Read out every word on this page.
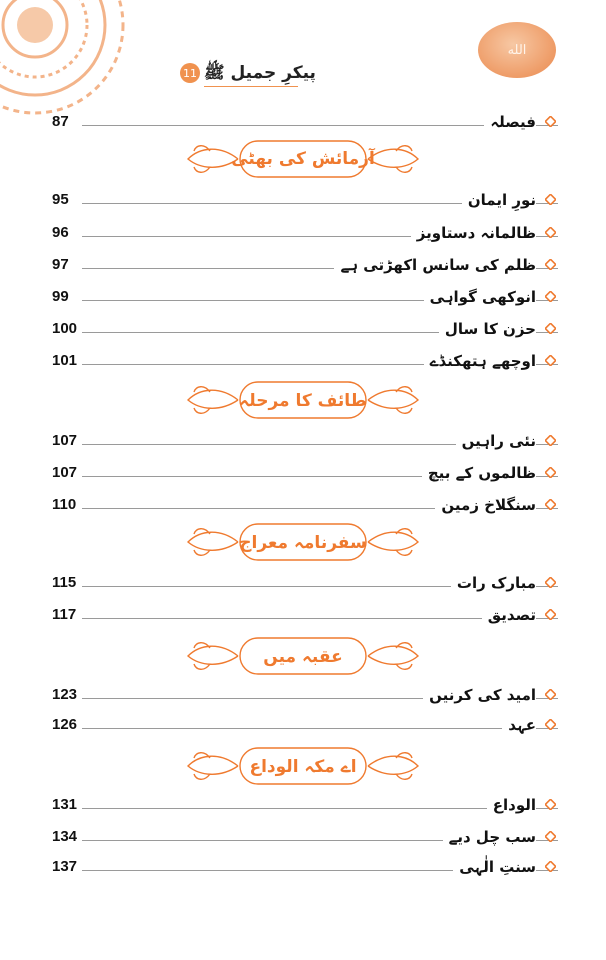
الله
11 پیکرِ جمیل ﷺ
87	فیصلہ
آزمائش کی بھٹی
95	نورِ ایمان
96	ظالمانہ دستاویز
97	ظلم کی سانس اکھڑتی ہے
99	انوکھی گواہی
100	حزن کا سال
101	اوچھے ہتھکنڈے
طائف کا مرحلہ
107	نئی راہیں
107	ظالموں کے بیچ
110	سنگلاخ زمین
سفرنامہ معراج
115	مبارک رات
117	تصدیق
عقبہ میں
123	امید کی کرنیں
126	عہد
اے مکہ الوداع
131	الوداع
134	سب چل دیے
137	سنتِ الٰہی
